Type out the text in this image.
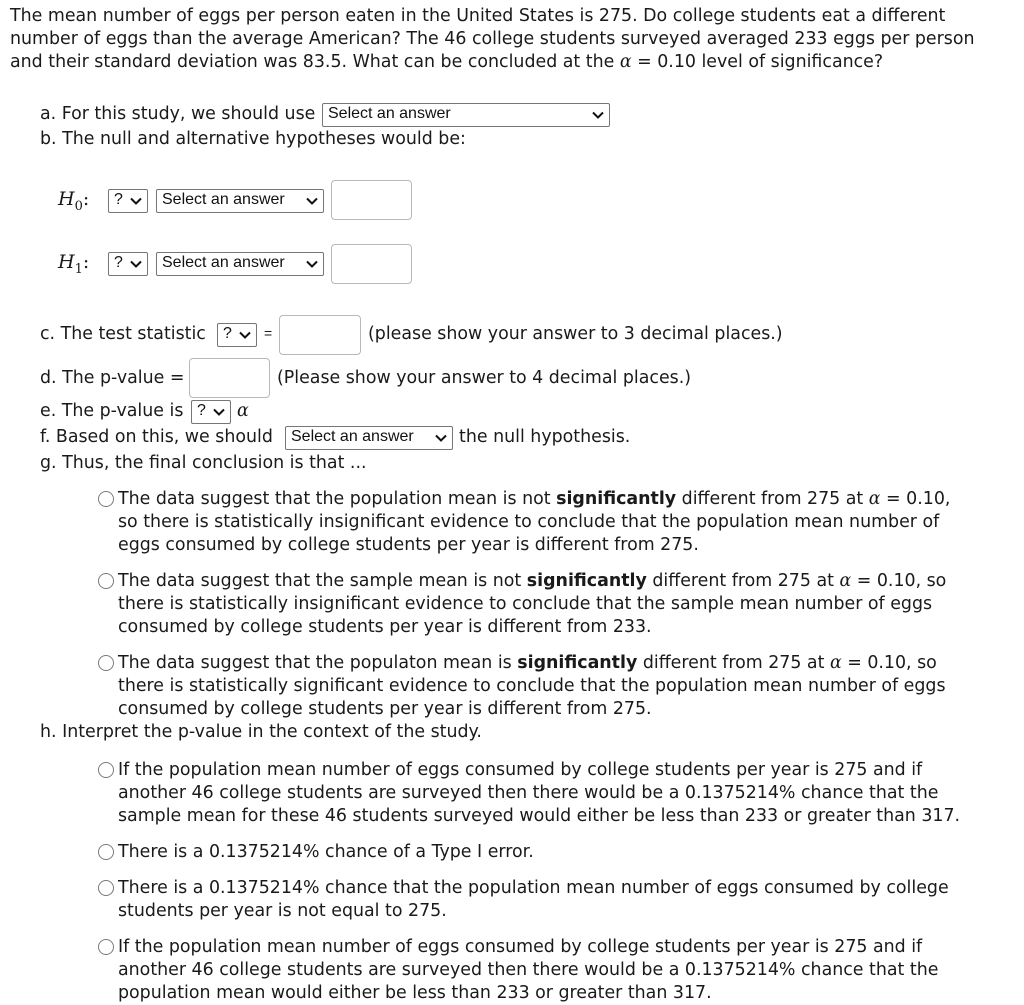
The mean number of eggs per person eaten in the United States is 275. Do college students eat a different
number of eggs than the average American? The 46 college students surveyed averaged 233 eggs per person
and their standard deviation was 83.5. What can be concluded at the α = 0.10 level of significance?
a. For this study, we should use Select an answer
b. The null and alternative hypotheses would be:
$H_0$:	?	Select an answer
$H_1$:	?	Select an answer
c. The test statistic	?	=	(please show your answer to 3 decimal places.)
d. The p-value =	(Please show your answer to 4 decimal places.)
e. The p-value is ?	α
f. Based on this, we should	Select an answer	the null hypothesis.
g. Thus, the final conclusion is that ...
The data suggest that the population mean is not significantly different from 275 at α = 0.10,
so there is statistically insignificant evidence to conclude that the population mean number of
eggs consumed by college students per year is different from 275.
The data suggest that the sample mean is not significantly different from 275 at α = 0.10, so
there is statistically insignificant evidence to conclude that the sample mean number of eggs
consumed by college students per year is different from 233.
The data suggest that the populaton mean is significantly different from 275 at α = 0.10, so
there is statistically significant evidence to conclude that the population mean number of eggs
consumed by college students per year is different from 275.
h. Interpret the p-value in the context of the study.
If the population mean number of eggs consumed by college students per year is 275 and if
another 46 college students are surveyed then there would be a 0.1375214% chance that the
sample mean for these 46 students surveyed would either be less than 233 or greater than 317.
There is a 0.1375214% chance of a Type I error.
There is a 0.1375214% chance that the population mean number of eggs consumed by college
students per year is not equal to 275.
If the population mean number of eggs consumed by college students per year is 275 and if
another 46 college students are surveyed then there would be a 0.1375214% chance that the
population mean would either be less than 233 or greater than 317.
